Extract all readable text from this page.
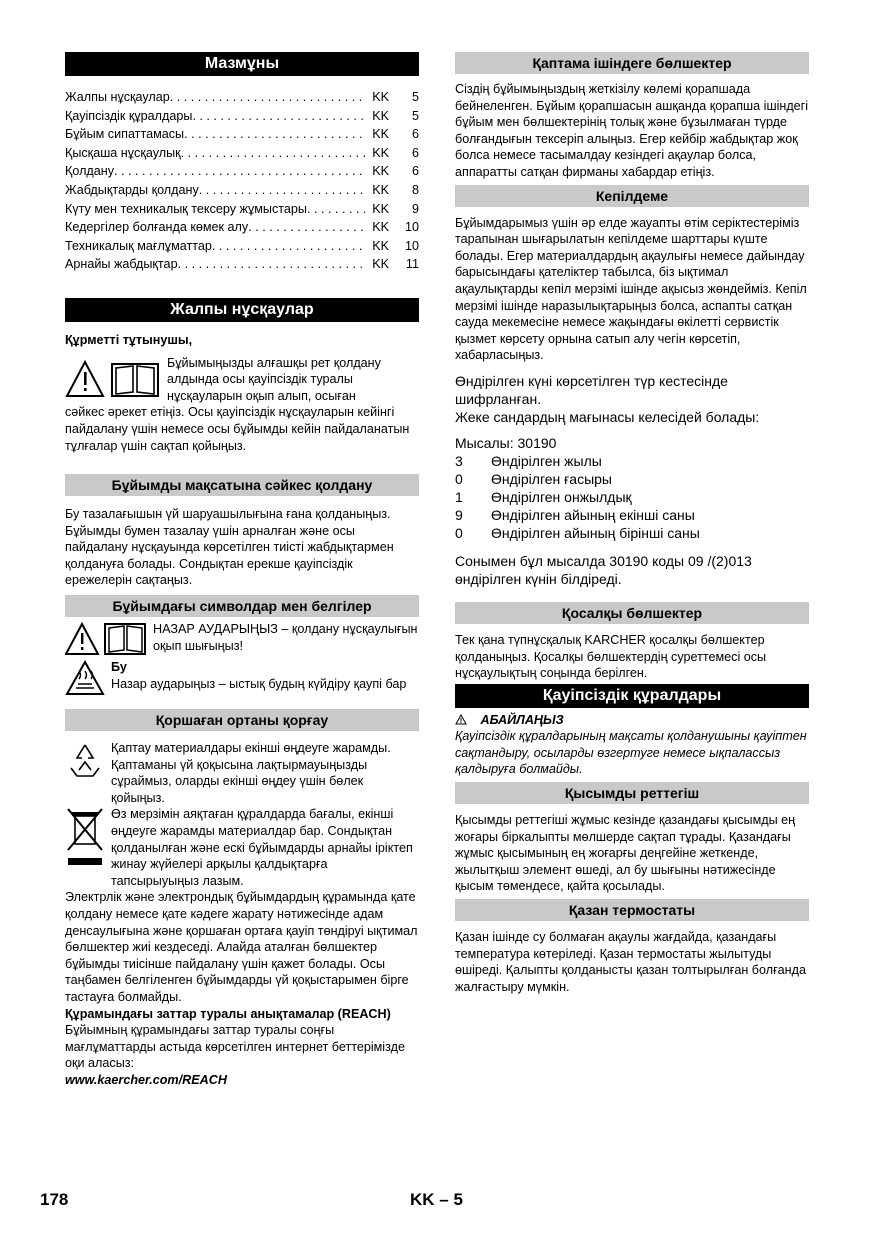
Мазмұны
Жалпы нұсқаулар . . .	KK	5
Қауіпсіздік құралдары . . .	KK	5
Бұйым сипаттамасы . . .	KK	6
Қысқаша нұсқаулық . . .	KK	6
Қолдану . . .	KK	6
Жабдықтарды қолдану . . .	KK	8
Күту мен техникалық тексеру жұмыстары . . .	KK	9
Кедергілер болғанда көмек алу . . .	KK	10
Техникалық мағлұматтар . . .	KK	10
Арнайы жабдықтар . . .	KK	11
Жалпы нұсқаулар
Құрметті тұтынушы,
Бұйымыңызды алғашқы рет қолдану алдында осы қауіпсіздік туралы нұсқауларын оқып алып, осыған
сәйкес әрекет етіңіз. Осы қауіпсіздік нұсқауларын кейінгі пайдалану үшін немесе осы бұйымды кейін пайдаланатын тұлғалар үшін сақтап қойыңыз.
Бұйымды мақсатына сәйкес қолдану
Бу тазалағышын үй шаруашылығына ғана қолданыңыз. Бұйымды бумен тазалау үшін арналған және осы пайдалану нұсқауында көрсетілген тиісті жабдықтармен қолдануға болады. Сондықтан ерекше қауіпсіздік ережелерін сақтаңыз.
Бұйымдағы символдар мен белгілер
НАЗАР АУДАРЫҢЫЗ – қолдану нұсқаулығын оқып шығыңыз!
Бу
Назар аударыңыз – ыстық будың күйдіру қаупі бар
Қоршаған ортаны қорғау
Қаптау материалдары екінші өңдеуге жарамды. Қаптаманы үй қоқысына лақтырмауыңызды сұраймыз, оларды екінші өңдеу үшін бөлек қойыңыз.
Өз мерзімін аяқтаған құралдарда бағалы, екінші өңдеуге жарамды материалдар бар. Сондықтан қолданылған және ескі бұйымдарды арнайы іріктеп жинау жүйелері арқылы қалдықтарға тапсырыуыңыз лазым.
Электрлік және электрондық бұйымдардың құрамында қате қолдану немесе қате кәдеге жарату нәтижесінде адам денсаулығына және қоршаған ортаға қауіп төндіруі ықтимал бөлшектер жиі кездеседі. Алайда аталған бөлшектер бұйымды тиісінше пайдалану үшін қажет болады. Осы таңбамен белгіленген бұйымдарды үй қоқыстарымен бірге тастауға болмайды.
Құрамындағы заттар туралы анықтамалар (REACH)
Бұйымның құрамындағы заттар туралы соңғы мағлұматтарды астыда көрсетілген интернет беттерімізде оқи аласыз:
www.kaercher.com/REACH
Қаптама ішіндеге бөлшектер
Сіздің бұйымыңыздың жеткізілу көлемі қорапшада бейнеленген. Бұйым қорапшасын ашқанда қорапша ішіндегі бұйым мен бөлшектерінің толық және бұзылмаған түрде болғандығын тексеріп алыңыз. Егер кейбір жабдықтар жоқ болса немесе тасымалдау кезіндегі ақаулар болса, аппаратты сатқан фирманы хабардар етіңіз.
Кепілдеме
Бұйымдарымыз үшін әр елде жауапты өтім серіктестеріміз тарапынан шығарылатын кепілдеме шарттары күште болады. Егер материалдардың ақаулығы немесе дайындау барысындағы қателіктер табылса, біз ықтимал ақаулықтарды кепіл мерзімі ішінде ақысыз жөндейміз. Кепіл мерзімі ішінде наразылықтарыңыз болса, аспапты сатқан сауда мекемесіне немесе жақындағы өкілетті сервистік қызмет көрсету орнына сатып алу чегін көрсетіп, хабарласыңыз.
Өндірілген күні көрсетілген түр кестесінде шифрланған.
Жеке сандардың мағынасы келесідей болады:
Мысалы: 30190
3	Өндірілген жылы
0	Өндірілген ғасыры
1	Өндірілген онжылдық
9	Өндірілген айының екінші саны
0	Өндірілген айының бірінші саны
Сонымен бұл мысалда 30190 коды 09 /(2)013 өндірілген күнін білдіреді.
Қосалқы бөлшектер
Тек қана түпнұсқалық KARCHER қосалқы бөлшектер қолданыңыз. Қосалқы бөлшектердің суреттемесі осы нұсқаулықтың соңында берілген.
Қауіпсіздік құралдары
АБАЙЛАҢЫЗ
Қауіпсіздік құралдарының мақсаты қолданушыны қауіптен сақтандыру, осыларды өзгертуге немесе ықпалассыз қалдыруға болмайды.
Қысымды реттегіш
Қысымды реттегіші жұмыс кезінде қазандағы қысымды ең жоғары біркалыпты мөлшерде сақтап тұрады. Қазандағы жұмыс қысымының ең жоғарғы деңгейіне жеткенде, жылытқыш элемент өшеді, ал бу шығыны нәтижесінде қысым төмендесе, қайта қосылады.
Қазан термостаты
Қазан ішінде су болмаған ақаулы жағдайда, қазандағы температура көтеріледі. Қазан термостаты жылытуды өшіреді. Қалыпты қолданысты қазан толтырылған болғанда жалғастыру мүмкін.
178	KK – 5
